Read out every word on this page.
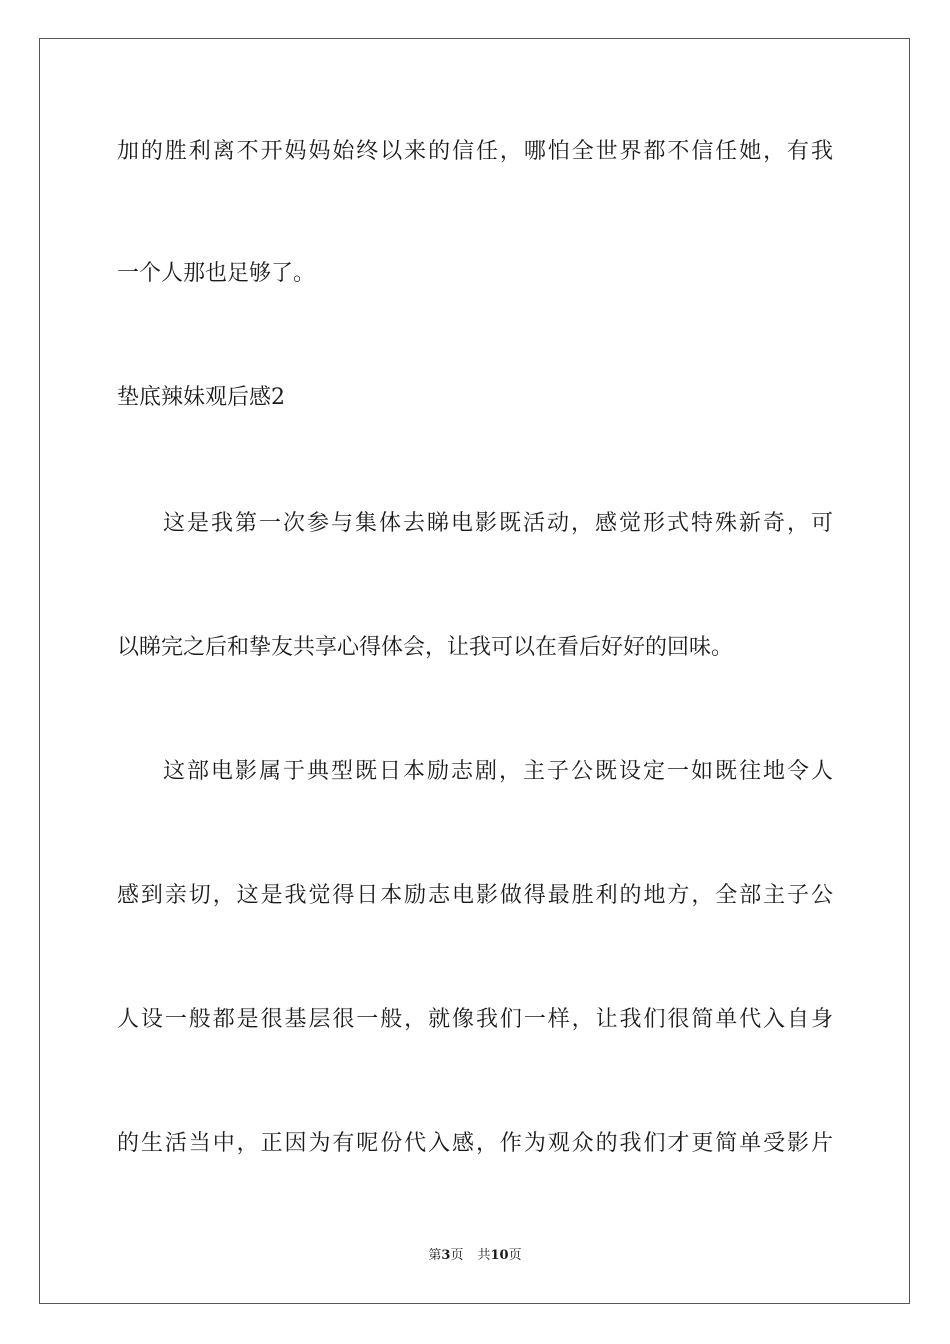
加的胜利离不开妈妈始终以来的信任，哪怕全世界都不信任她，有我
一个人那也足够了。
垫底辣妹观后感2
这是我第一次参与集体去睇电影既活动，感觉形式特殊新奇，可
以睇完之后和挚友共享心得体会，让我可以在看后好好的回味。
这部电影属于典型既日本励志剧，主子公既设定一如既往地令人
感到亲切，这是我觉得日本励志电影做得最胜利的地方，全部主子公
人设一般都是很基层很一般，就像我们一样，让我们很简单代入自身
的生活当中，正因为有呢份代入感，作为观众的我们才更简单受影片
第3页 共10页
